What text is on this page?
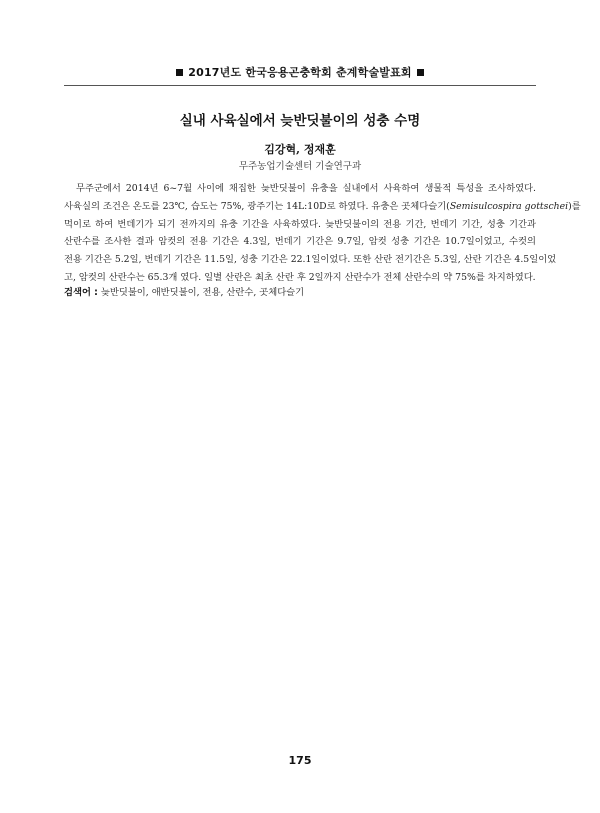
2017년도 한국응용곤충학회 춘계학술발표회
실내 사육실에서 늦반딧불이의 성충 수명
김강혁, 정재훈
무주농업기술센터 기술연구과
무주군에서 2014년 6~7월 사이에 채집한 늦반딧불이 유충을 실내에서 사육하여 생물적 특성을 조사하였다.
사육실의 조건은 온도를 23℃, 습도는 75%, 광주기는 14L:10D로 하였다. 유충은 곳체다슬기(Semisulcospira gottschei)를
먹이로 하여 번데기가 되기 전까지의 유충 기간을 사육하였다. 늦반딧불이의 전용 기간, 번데기 기간, 성충 기간과
산란수를 조사한 결과 암컷의 전용 기간은 4.3일, 번데기 기간은 9.7일, 암컷 성충 기간은 10.7일이었고, 수컷의
전용 기간은 5.2일, 번데기 기간은 11.5일, 성충 기간은 22.1일이었다. 또한 산란 전기간은 5.3일, 산란 기간은 4.5일이었
고, 암컷의 산란수는 65.3개 였다. 일별 산란은 최초 산란 후 2일까지 산란수가 전체 산란수의 약 75%를 차지하였다.
검색어 : 늦반딧불이, 애반딧불이, 전용, 산란수, 곳체다슬기
175
